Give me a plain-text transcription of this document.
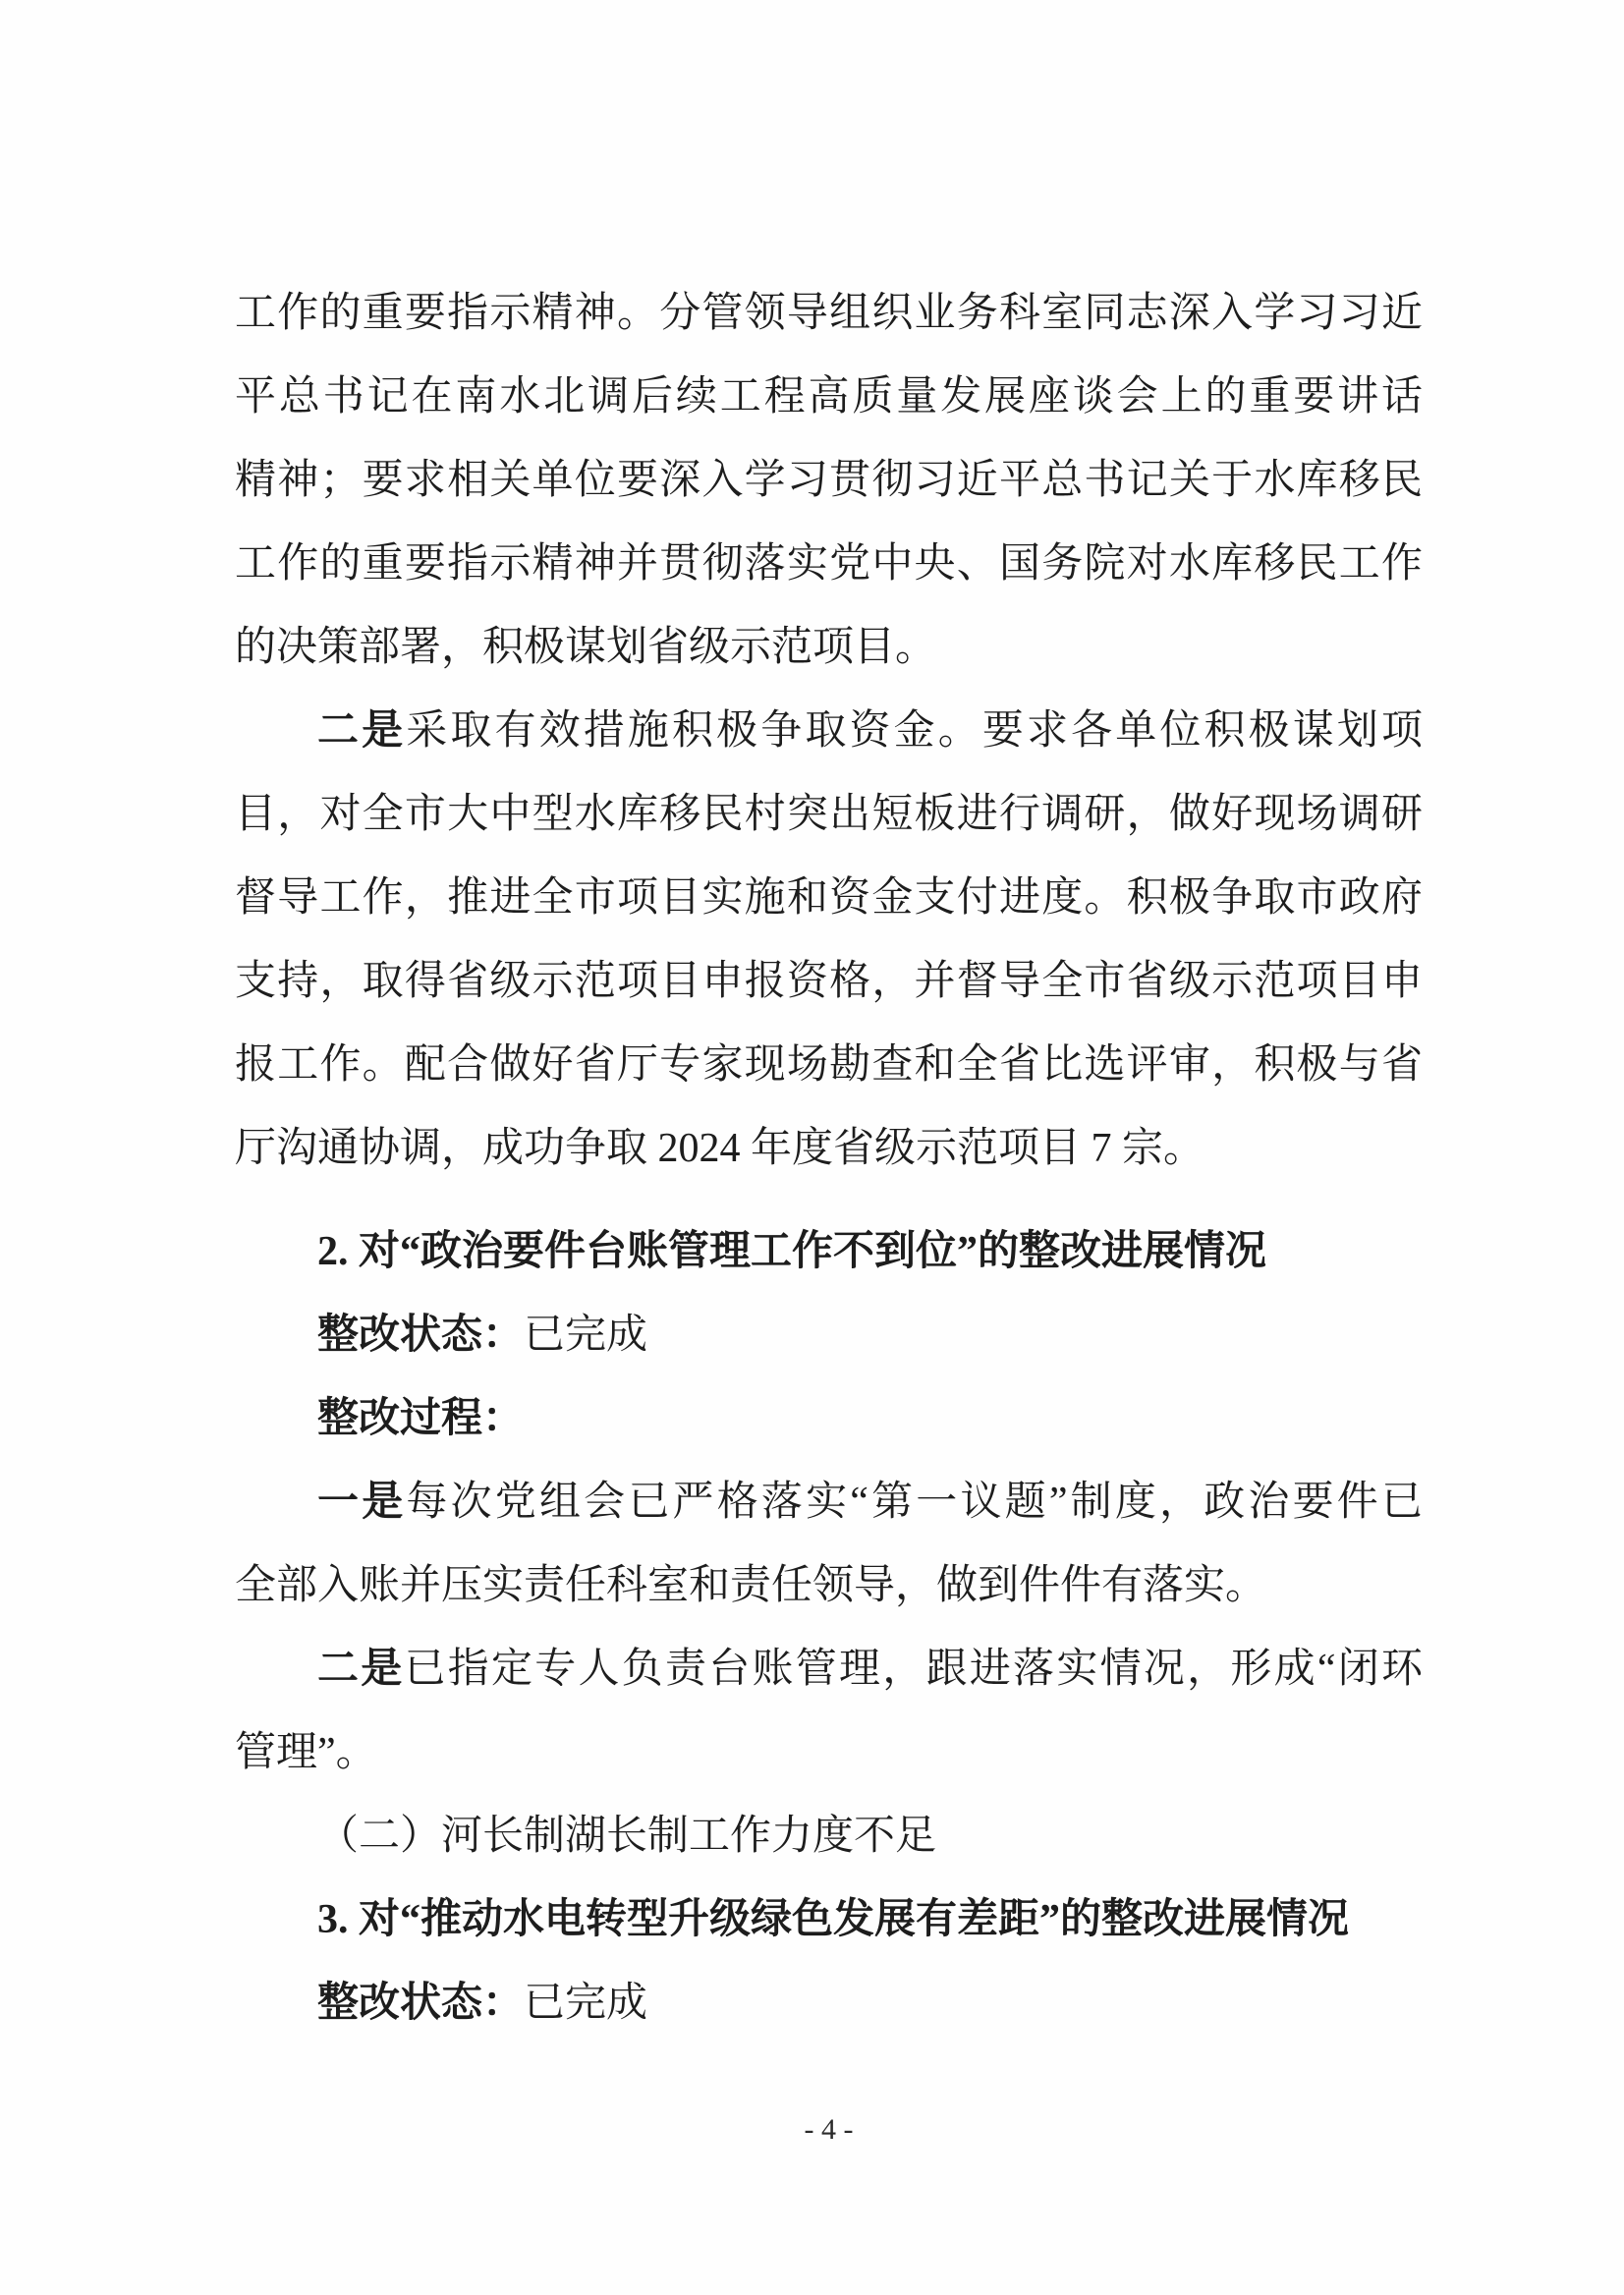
工作的重要指示精神。分管领导组织业务科室同志深入学习习近
平总书记在南水北调后续工程高质量发展座谈会上的重要讲话
精神；要求相关单位要深入学习贯彻习近平总书记关于水库移民
工作的重要指示精神并贯彻落实党中央、国务院对水库移民工作
的决策部署，积极谋划省级示范项目。
二是采取有效措施积极争取资金。要求各单位积极谋划项
目，对全市大中型水库移民村突出短板进行调研，做好现场调研
督导工作，推进全市项目实施和资金支付进度。积极争取市政府
支持，取得省级示范项目申报资格，并督导全市省级示范项目申
报工作。配合做好省厅专家现场勘查和全省比选评审，积极与省
厅沟通协调，成功争取 2024 年度省级示范项目 7 宗。
2. 对“政治要件台账管理工作不到位”的整改进展情况
整改状态：已完成
整改过程：
一是每次党组会已严格落实“第一议题”制度，政治要件已
全部入账并压实责任科室和责任领导，做到件件有落实。
二是已指定专人负责台账管理，跟进落实情况，形成“闭环
管理”。
（二）河长制湖长制工作力度不足
3. 对“推动水电转型升级绿色发展有差距”的整改进展情况
整改状态：已完成
- 4 -
